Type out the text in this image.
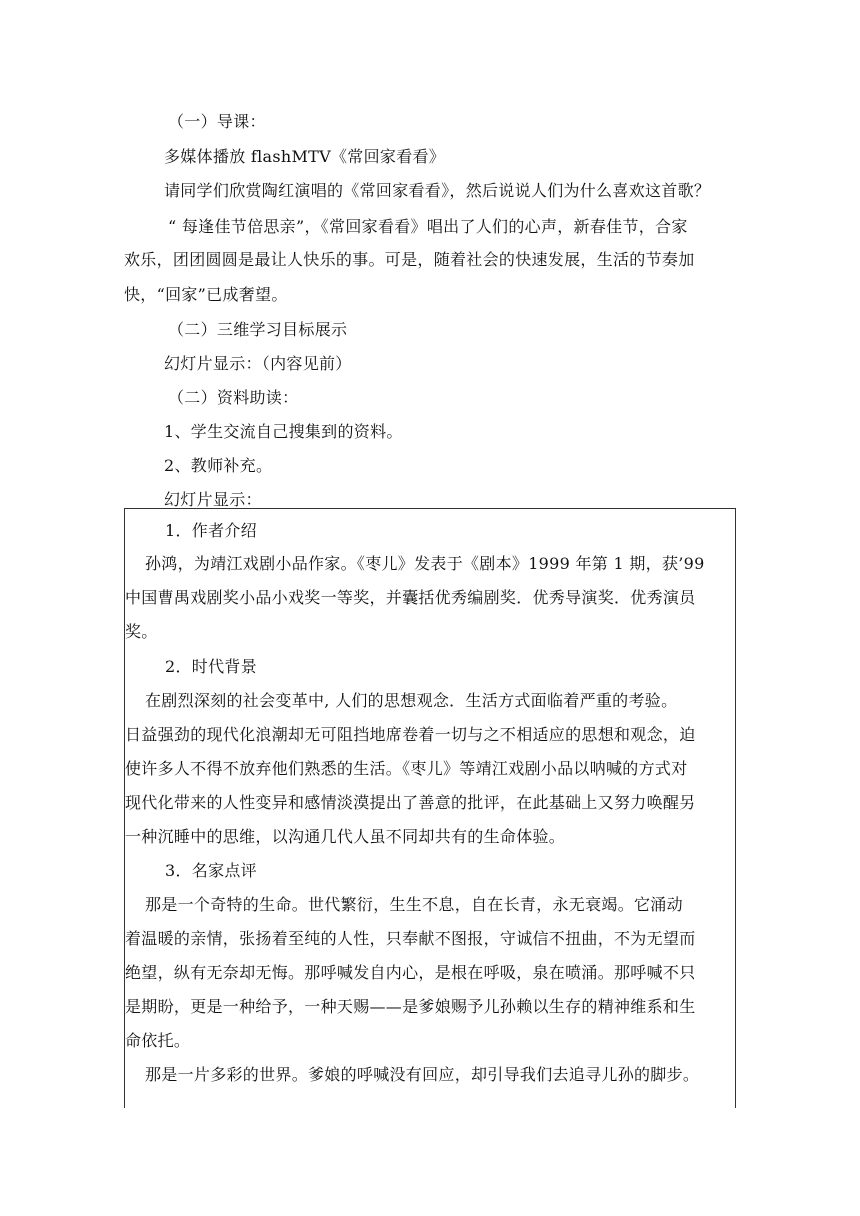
（一）导课：

多媒体播放 flashMTV《常回家看看》

请同学们欣赏陶红演唱的《常回家看看》，然后说说人们为什么喜欢这首歌？

“ 每逢佳节倍思亲”，《常回家看看》唱出了人们的心声，新春佳节，合家

欢乐，团团圆圆是最让人快乐的事。可是，随着社会的快速发展，生活的节奏加

快，“回家”已成奢望。

（二）三维学习目标展示

幻灯片显示：（内容见前）

（二）资料助读：

1、学生交流自己搜集到的资料。

2、教师补充。

幻灯片显示：

1．作者介绍

孙鸿，为靖江戏剧小品作家。《枣儿》发表于《剧本》1999 年第 1 期，获’99

中国曹禺戏剧奖小品小戏奖一等奖，并囊括优秀编剧奖．优秀导演奖．优秀演员

奖。

2．时代背景

在剧烈深刻的社会变革中, 人们的思想观念．生活方式面临着严重的考验。

日益强劲的现代化浪潮却无可阻挡地席卷着一切与之不相适应的思想和观念，迫

使许多人不得不放弃他们熟悉的生活。《枣儿》等靖江戏剧小品以呐喊的方式对

现代化带来的人性变异和感情淡漠提出了善意的批评，在此基础上又努力唤醒另

一种沉睡中的思维，以沟通几代人虽不同却共有的生命体验。

3．名家点评

那是一个奇特的生命。世代繁衍，生生不息，自在长青，永无衰竭。它涌动

着温暖的亲情，张扬着至纯的人性，只奉献不图报，守诚信不扭曲，不为无望而

绝望，纵有无奈却无悔。那呼喊发自内心，是根在呼吸，泉在喷涌。那呼喊不只

是期盼，更是一种给予，一种天赐——是爹娘赐予儿孙赖以生存的精神维系和生

命依托。

那是一片多彩的世界。爹娘的呼喊没有回应，却引导我们去追寻儿孙的脚步。
